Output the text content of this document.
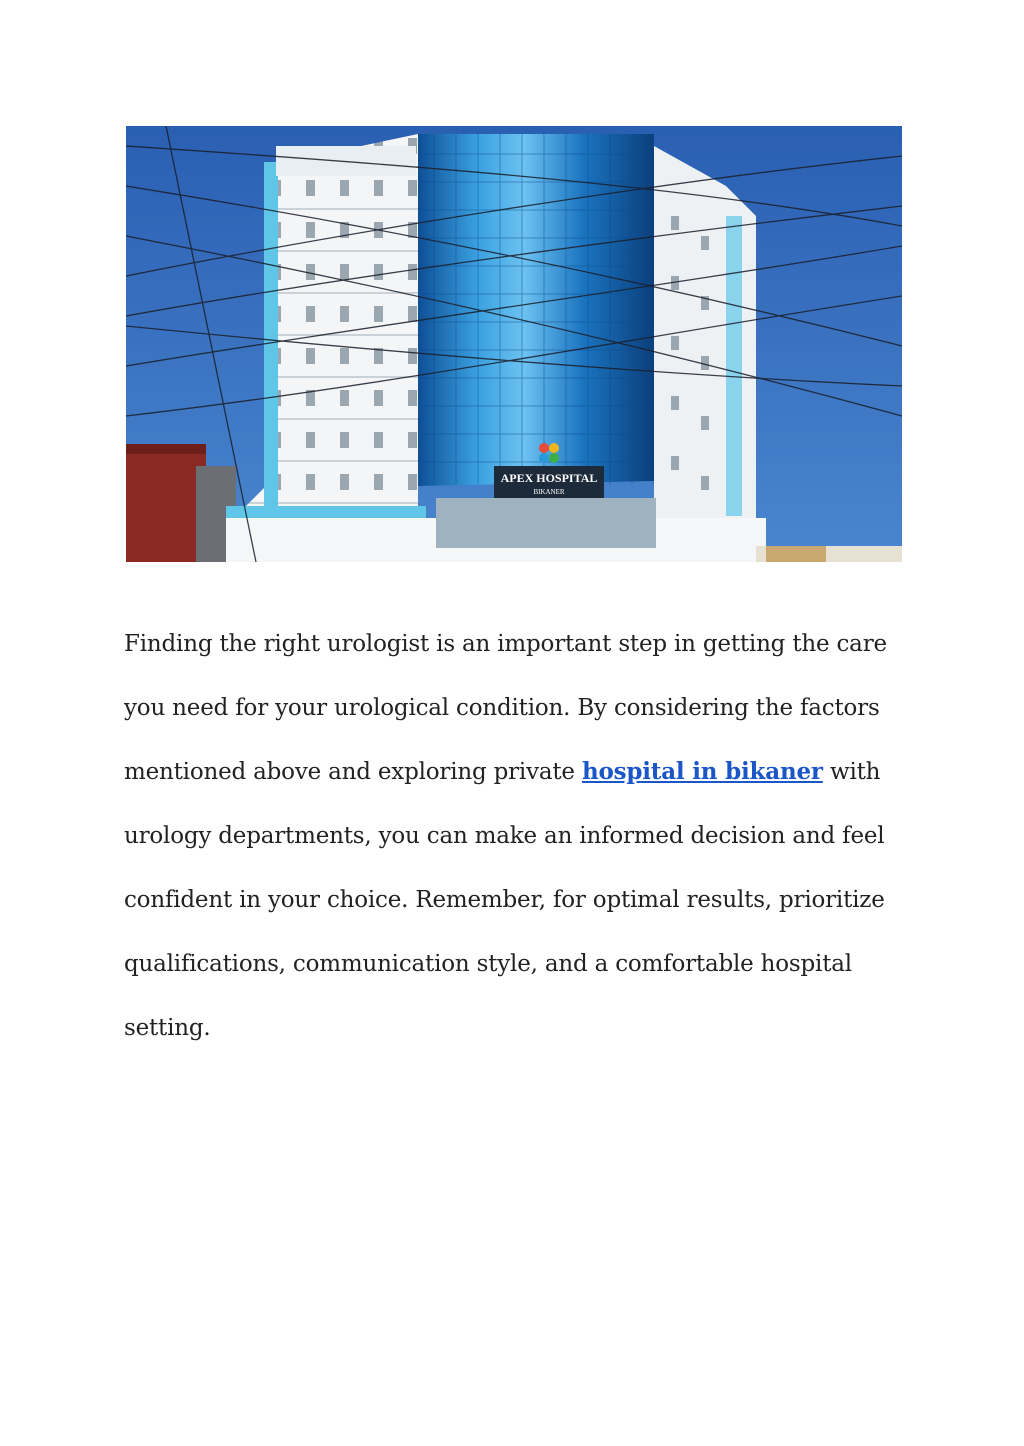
APEX HOSPITAL
BIKANER

Finding the right urologist is an important step in getting the care you need for your urological condition. By considering the factors mentioned above and exploring private hospital in bikaner with urology departments, you can make an informed decision and feel confident in your choice. Remember, for optimal results, prioritize qualifications, communication style, and a comfortable hospital setting.
